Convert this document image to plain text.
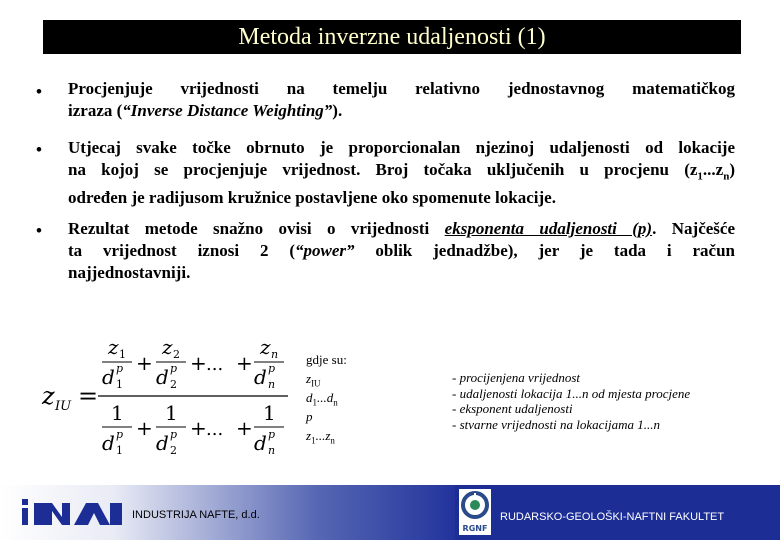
Metoda inverzne udaljenosti (1)
• Procjenjuje vrijednosti na temelju relativno jednostavnog matematičkog
izraza (“Inverse Distance Weighting”).
• Utjecaj svake točke obrnuto je proporcionalan njezinoj udaljenosti od lokacije
na kojoj se procjenjuje vrijednost. Broj točaka uključenih u procjenu $(z_1...z_n)$
određen je radijusom kružnice postavljene oko spomenute lokacije.
• Rezultat metode snažno ovisi o vrijednosti eksponenta udaljenosti (p). Najčešće
ta vrijednost iznosi 2 (“power” oblik jednadžbe), jer je tada i račun
najjednostavniji.
z IU =
z 1
d p
1
+
z 2
d p
2
+ ... +
z n
d p
n
1
d p
1
+
1
d p
2
+ ... +
1
d p
n
gdje su:
$z_{IU}$
$d_1...d_n$
p
$z_1...z_n$
- procijenjena vrijednost
- udaljenosti lokacija 1...n od mjesta procjene
- eksponent udaljenosti
- stvarne vrijednosti na lokacijama 1...n
INDUSTRIJA NAFTE, d.d.
RGNF
RUDARSKO-GEOLOŠKI-NAFTNI FAKULTET
